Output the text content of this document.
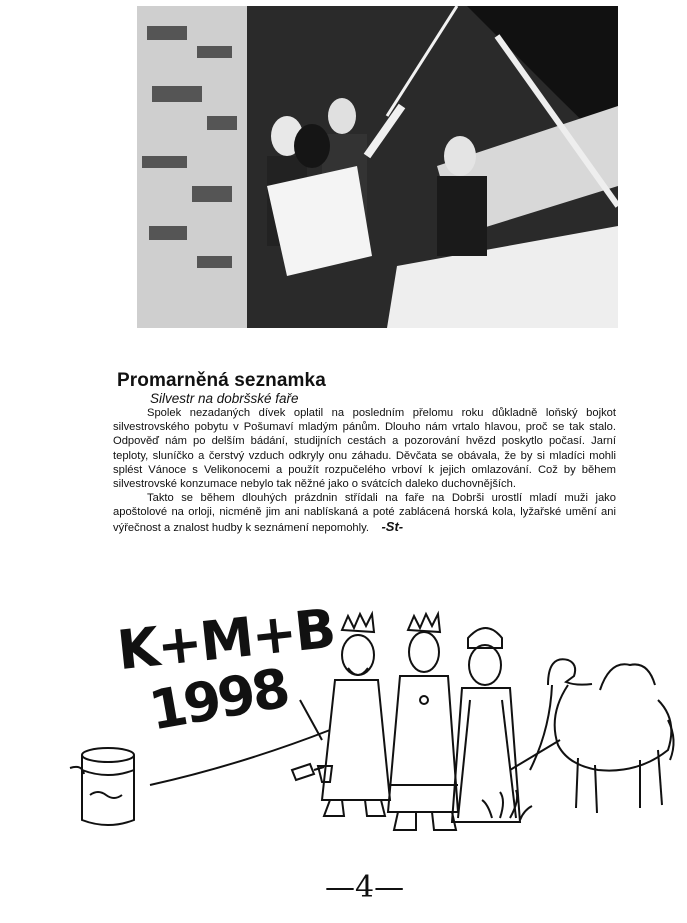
Promarněná seznamka
Silvestr na dobršské faře

Spolek nezadaných dívek oplatil na posledním přelomu roku důkladně loňský bojkot silvestrovského pobytu v Pošumaví mladým pánům. Dlouho nám vrtalo hlavou, proč se tak stalo. Odpověď nám po delším bádání, studijních cestách a pozorování hvězd poskytlo počasí. Jarní teploty, sluníčko a čerstvý vzduch odkryly onu záhadu. Děvčata se obávala, že by si mladíci mohli splést Vánoce s Velikonocemi a použít rozpučelého vrboví k jejich omlazování. Což by během silvestrovské konzumace nebylo tak něžné jako o svátcích daleko duchovnějších.

Takto se během dlouhých prázdnin střídali na faře na Dobrši urostlí mladí muži jako apoštolové na orloji, nicméně jim ani nablískaná a poté zablácená horská kola, lyžařské umění ani výřečnost a znalost hudby k seznámení nepomohly. -St-

K+M+B
1998
—4—
